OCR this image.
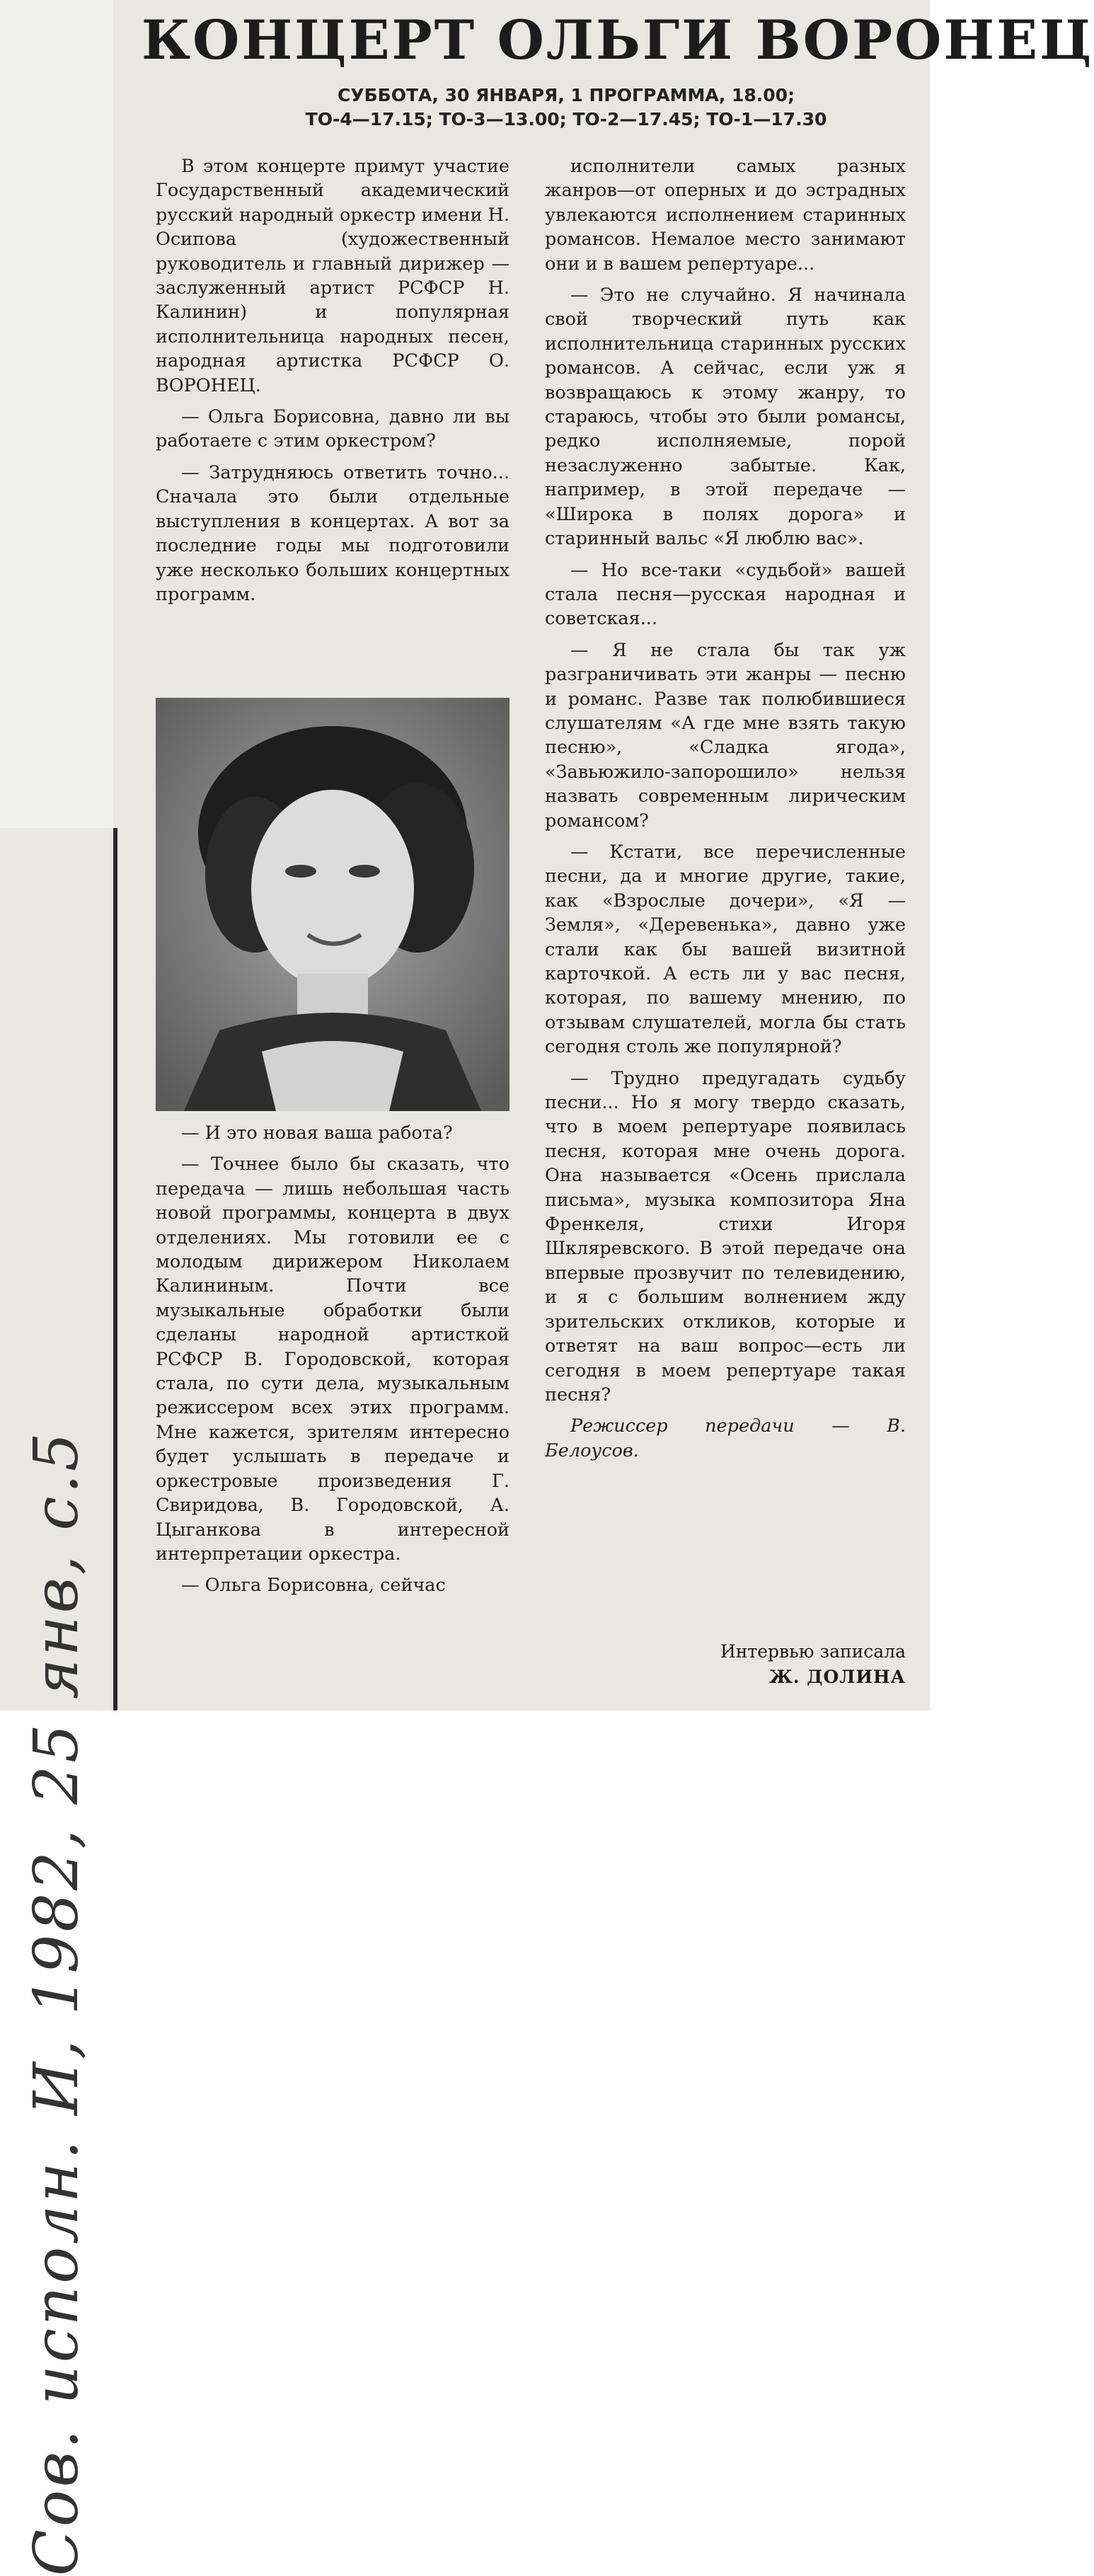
Сов. исполн. И, 1982, 25 янв, с.5
КОНЦЕРТ ОЛЬГИ ВОРОНЕЦ
СУББОТА, 30 ЯНВАРЯ, 1 ПРОГРАММА, 18.00;
ТО-4—17.15; ТО-3—13.00; ТО-2—17.45; ТО-1—17.30

В этом концерте примут участие Государственный академический русский народный оркестр имени Н. Осипова (художественный руководитель и главный дирижер — заслуженный артист РСФСР Н. Калинин) и популярная исполнительница народных песен, народная артистка РСФСР О. ВОРОНЕЦ.

— Ольга Борисовна, давно ли вы работаете с этим оркестром?

— Затрудняюсь ответить точно... Сначала это были отдельные выступления в концертах. А вот за последние годы мы подготовили уже несколько больших концертных программ.

— И это новая ваша работа?

— Точнее было бы сказать, что передача — лишь небольшая часть новой программы, концерта в двух отделениях. Мы готовили ее с молодым дирижером Николаем Калининым. Почти все музыкальные обработки были сделаны народной артисткой РСФСР В. Городовской, которая стала, по сути дела, музыкальным режиссером всех этих программ. Мне кажется, зрителям интересно будет услышать в передаче и оркестровые произведения Г. Свиридова, В. Городовской, А. Цыганкова в интересной интерпретации оркестра.

— Ольга Борисовна, сейчас

исполнители самых разных жанров—от оперных и до эстрадных увлекаются исполнением старинных романсов. Немалое место занимают они и в вашем репертуаре...

— Это не случайно. Я начинала свой творческий путь как исполнительница старинных русских романсов. А сейчас, если уж я возвращаюсь к этому жанру, то стараюсь, чтобы это были романсы, редко исполняемые, порой незаслуженно забытые. Как, например, в этой передаче — «Широка в полях дорога» и старинный вальс «Я люблю вас».

— Но все-таки «судьбой» вашей стала песня—русская народная и советская...

— Я не стала бы так уж разграничивать эти жанры — песню и романс. Разве так полюбившиеся слушателям «А где мне взять такую песню», «Сладка ягода», «Завьюжило-запорошило» нельзя назвать современным лирическим романсом?

— Кстати, все перечисленные песни, да и многие другие, такие, как «Взрослые дочери», «Я — Земля», «Деревенька», давно уже стали как бы вашей визитной карточкой. А есть ли у вас песня, которая, по вашему мнению, по отзывам слушателей, могла бы стать сегодня столь же популярной?

— Трудно предугадать судьбу песни... Но я могу твердо сказать, что в моем репертуаре появилась песня, которая мне очень дорога. Она называется «Осень прислала письма», музыка композитора Яна Френкеля, стихи Игоря Шкляревского. В этой передаче она впервые прозвучит по телевидению, и я с большим волнением жду зрительских откликов, которые и ответят на ваш вопрос—есть ли сегодня в моем репертуаре такая песня?

Режиссер передачи — В. Белоусов.

Интервью записала
Ж. ДОЛИНА
